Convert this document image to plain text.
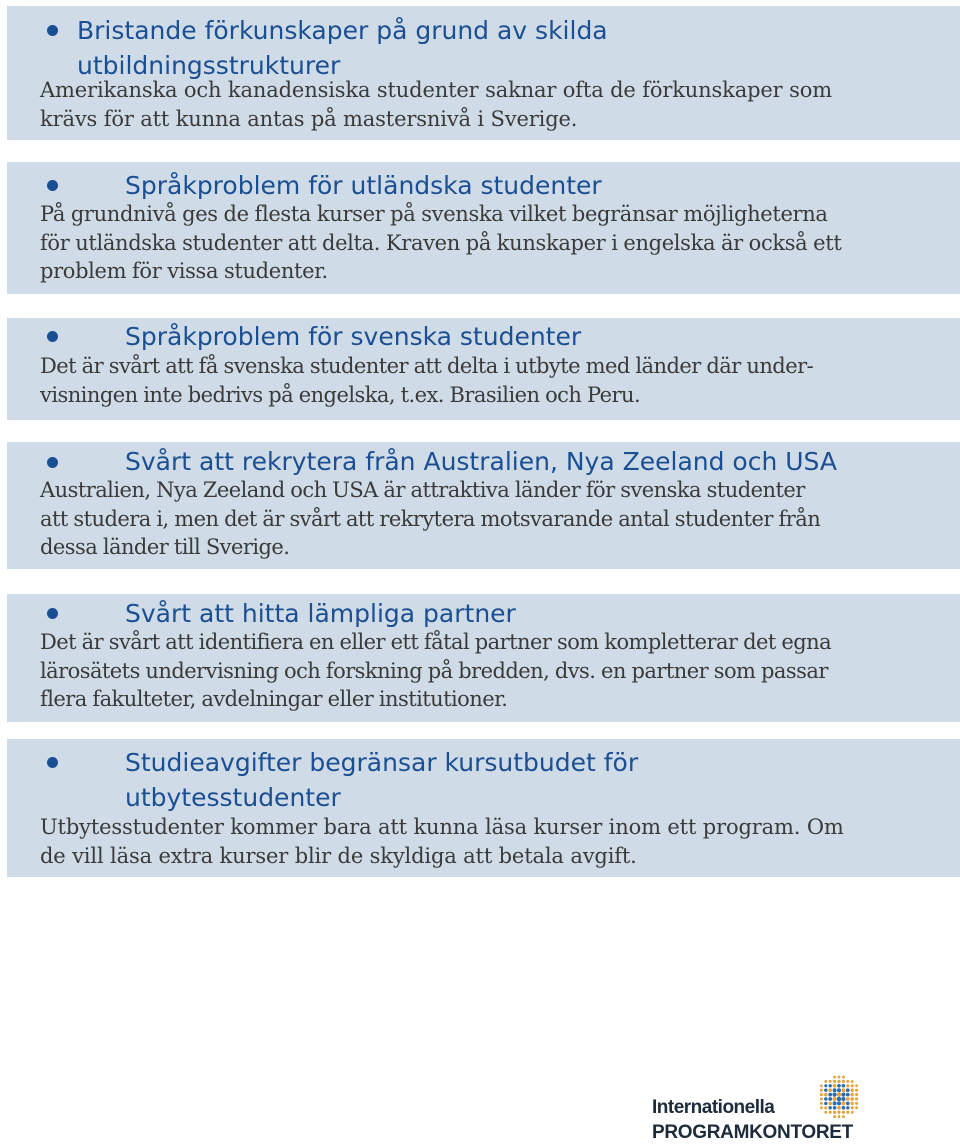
Bristande förkunskaper på grund av skilda
utbildningsstrukturer

Amerikanska och kanadensiska studenter saknar ofta de förkunskaper som
krävs för att kunna antas på mastersnivå i Sverige.

Språkproblem för utländska studenter

På grundnivå ges de flesta kurser på svenska vilket begränsar möjligheterna
för utländska studenter att delta. Kraven på kunskaper i engelska är också ett
problem för vissa studenter.

Språkproblem för svenska studenter

Det är svårt att få svenska studenter att delta i utbyte med länder där under-
visningen inte bedrivs på engelska, t.ex. Brasilien och Peru.

Svårt att rekrytera från Australien, Nya Zeeland och USA

Australien, Nya Zeeland och USA är attraktiva länder för svenska studenter
att studera i, men det är svårt att rekrytera motsvarande antal studenter från
dessa länder till Sverige.

Svårt att hitta lämpliga partner

Det är svårt att identifiera en eller ett fåtal partner som kompletterar det egna
lärosätets undervisning och forskning på bredden, dvs. en partner som passar
flera fakulteter, avdelningar eller institutioner.

Studieavgifter begränsar kursutbudet för
utbytesstudenter

Utbytesstudenter kommer bara att kunna läsa kurser inom ett program. Om
de vill läsa extra kurser blir de skyldiga att betala avgift.

Internationella

PROGRAMKONTORET
